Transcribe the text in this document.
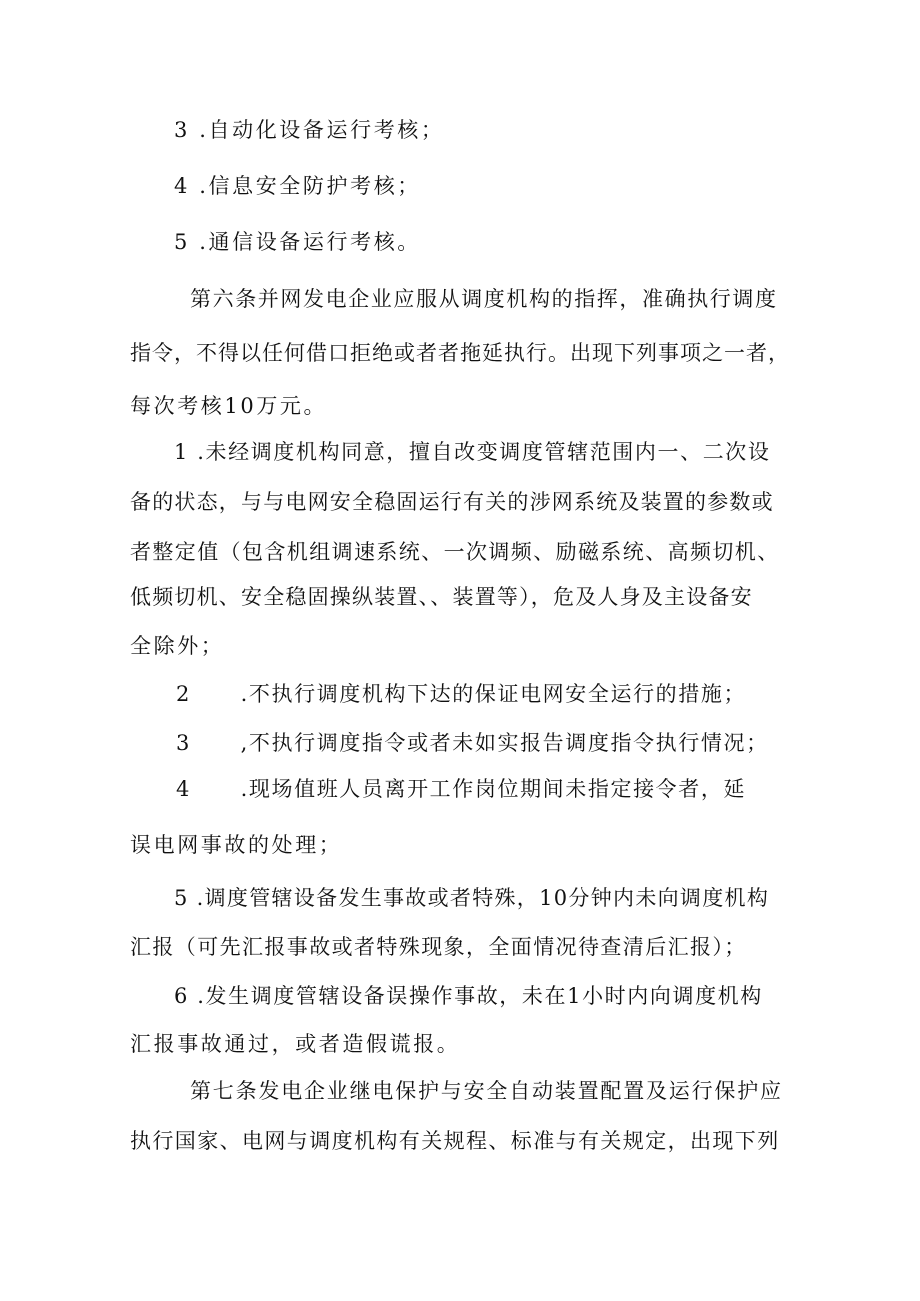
3 .自动化设备运行考核；
4 .信息安全防护考核；
5 .通信设备运行考核。
第六条并网发电企业应服从调度机构的指挥，准确执行调度
指令，不得以任何借口拒绝或者者拖延执行。出现下列事项之一者，
每次考核10万元。
1 .未经调度机构同意，擅自改变调度管辖范围内一、二次设
备的状态，与与电网安全稳固运行有关的涉网系统及装置的参数或
者整定值（包含机组调速系统、一次调频、励磁系统、高频切机、
低频切机、安全稳固操纵装置、、装置等），危及人身及主设备安
全除外；
2      .不执行调度机构下达的保证电网安全运行的措施；
3      ,不执行调度指令或者未如实报告调度指令执行情况；
4      .现场值班人员离开工作岗位期间未指定接令者，延
误电网事故的处理；
5 .调度管辖设备发生事故或者特殊，10分钟内未向调度机构
汇报（可先汇报事故或者特殊现象，全面情况待查清后汇报）；
6 .发生调度管辖设备误操作事故，未在1小时内向调度机构
汇报事故通过，或者造假谎报。
第七条发电企业继电保护与安全自动装置配置及运行保护应
执行国家、电网与调度机构有关规程、标准与有关规定，出现下列
